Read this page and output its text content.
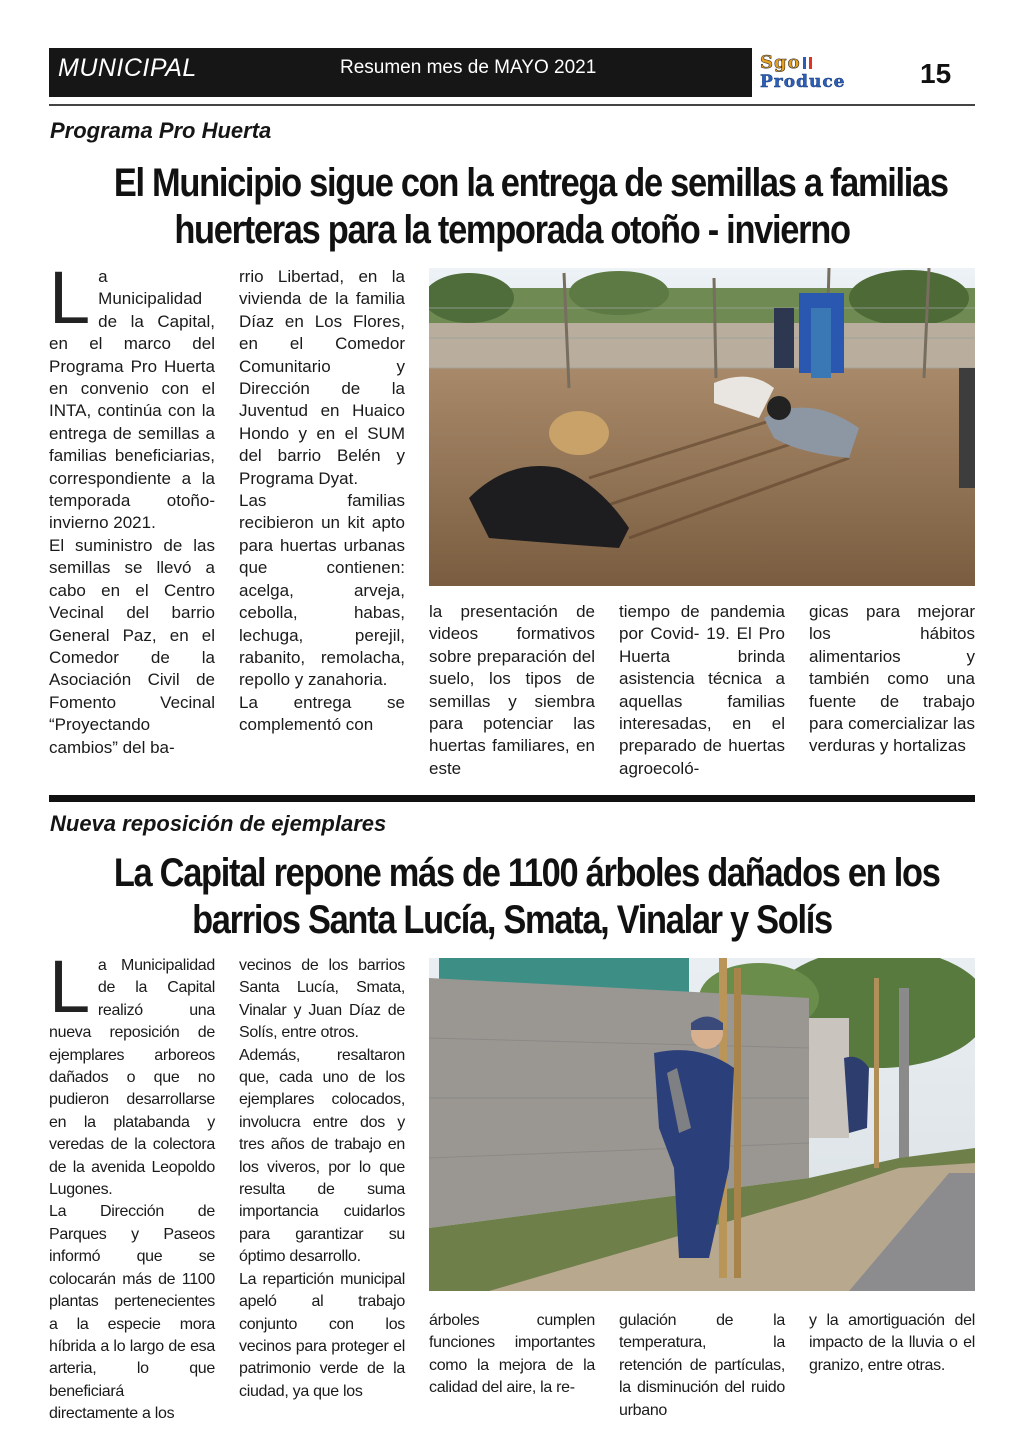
MUNICIPAL	Resumen mes de MAYO 2021	Sgo
Produce	15
Programa Pro Huerta
El Municipio sigue con la entrega de semillas a familias
huerteras para la temporada otoño - invierno
L a Municipalidad de la Capital, en el marco del Programa Pro Huerta en convenio con el INTA, continúa con la entrega de semillas a familias beneficiarias, correspondiente a la temporada otoño-invierno 2021.

El suministro de las semillas se llevó a cabo en el Centro Vecinal del barrio General Paz, en el Comedor de la Asociación Civil de Fomento Vecinal “Proyectando cambios” del ba-

rrio Libertad, en la vivienda de la familia Díaz en Los Flores, en el Comedor Comunitario y Dirección de la Juventud en Huaico Hondo y en el SUM del barrio Belén y Programa Dyat.

Las familias recibieron un kit apto para huertas urbanas que contienen: acelga, arveja, cebolla, habas, lechuga, perejil, rabanito, remolacha, repollo y zanahoria.

La entrega se complementó con

la presentación de videos formativos sobre preparación del suelo, los tipos de semillas y siembra para potenciar las huertas familiares, en este

tiempo de pandemia por Covid- 19. El Pro Huerta brinda asistencia técnica a aquellas familias interesadas, en el preparado de huertas agroecoló-

gicas para mejorar los hábitos alimentarios y también como una fuente de trabajo para comercializar las verduras y hortalizas

Nueva reposición de ejemplares
La Capital repone más de 1100 árboles dañados en los
barrios Santa Lucía, Smata, Vinalar y Solís
L a Municipalidad de la Capital realizó una nueva reposición de ejemplares arboreos dañados o que no pudieron desarrollarse en la platabanda y veredas de la colectora de la avenida Leopoldo Lugones.

La Dirección de Parques y Paseos informó que se colocarán más de 1100 plantas pertenecientes a la especie mora híbrida a lo largo de esa arteria, lo que beneficiará directamente a los

vecinos de los barrios Santa Lucía, Smata, Vinalar y Juan Díaz de Solís, entre otros.

Además, resaltaron que, cada uno de los ejemplares colocados, involucra entre dos y tres años de trabajo en los viveros, por lo que resulta de suma importancia cuidarlos para garantizar su óptimo desarrollo.

La repartición municipal apeló al trabajo conjunto con los vecinos para proteger el patrimonio verde de la ciudad, ya que los

árboles cumplen funciones importantes como la mejora de la calidad del aire, la re-

gulación de la temperatura, la retención de partículas, la disminución del ruido urbano

y la amortiguación del impacto de la lluvia o el granizo, entre otras.
